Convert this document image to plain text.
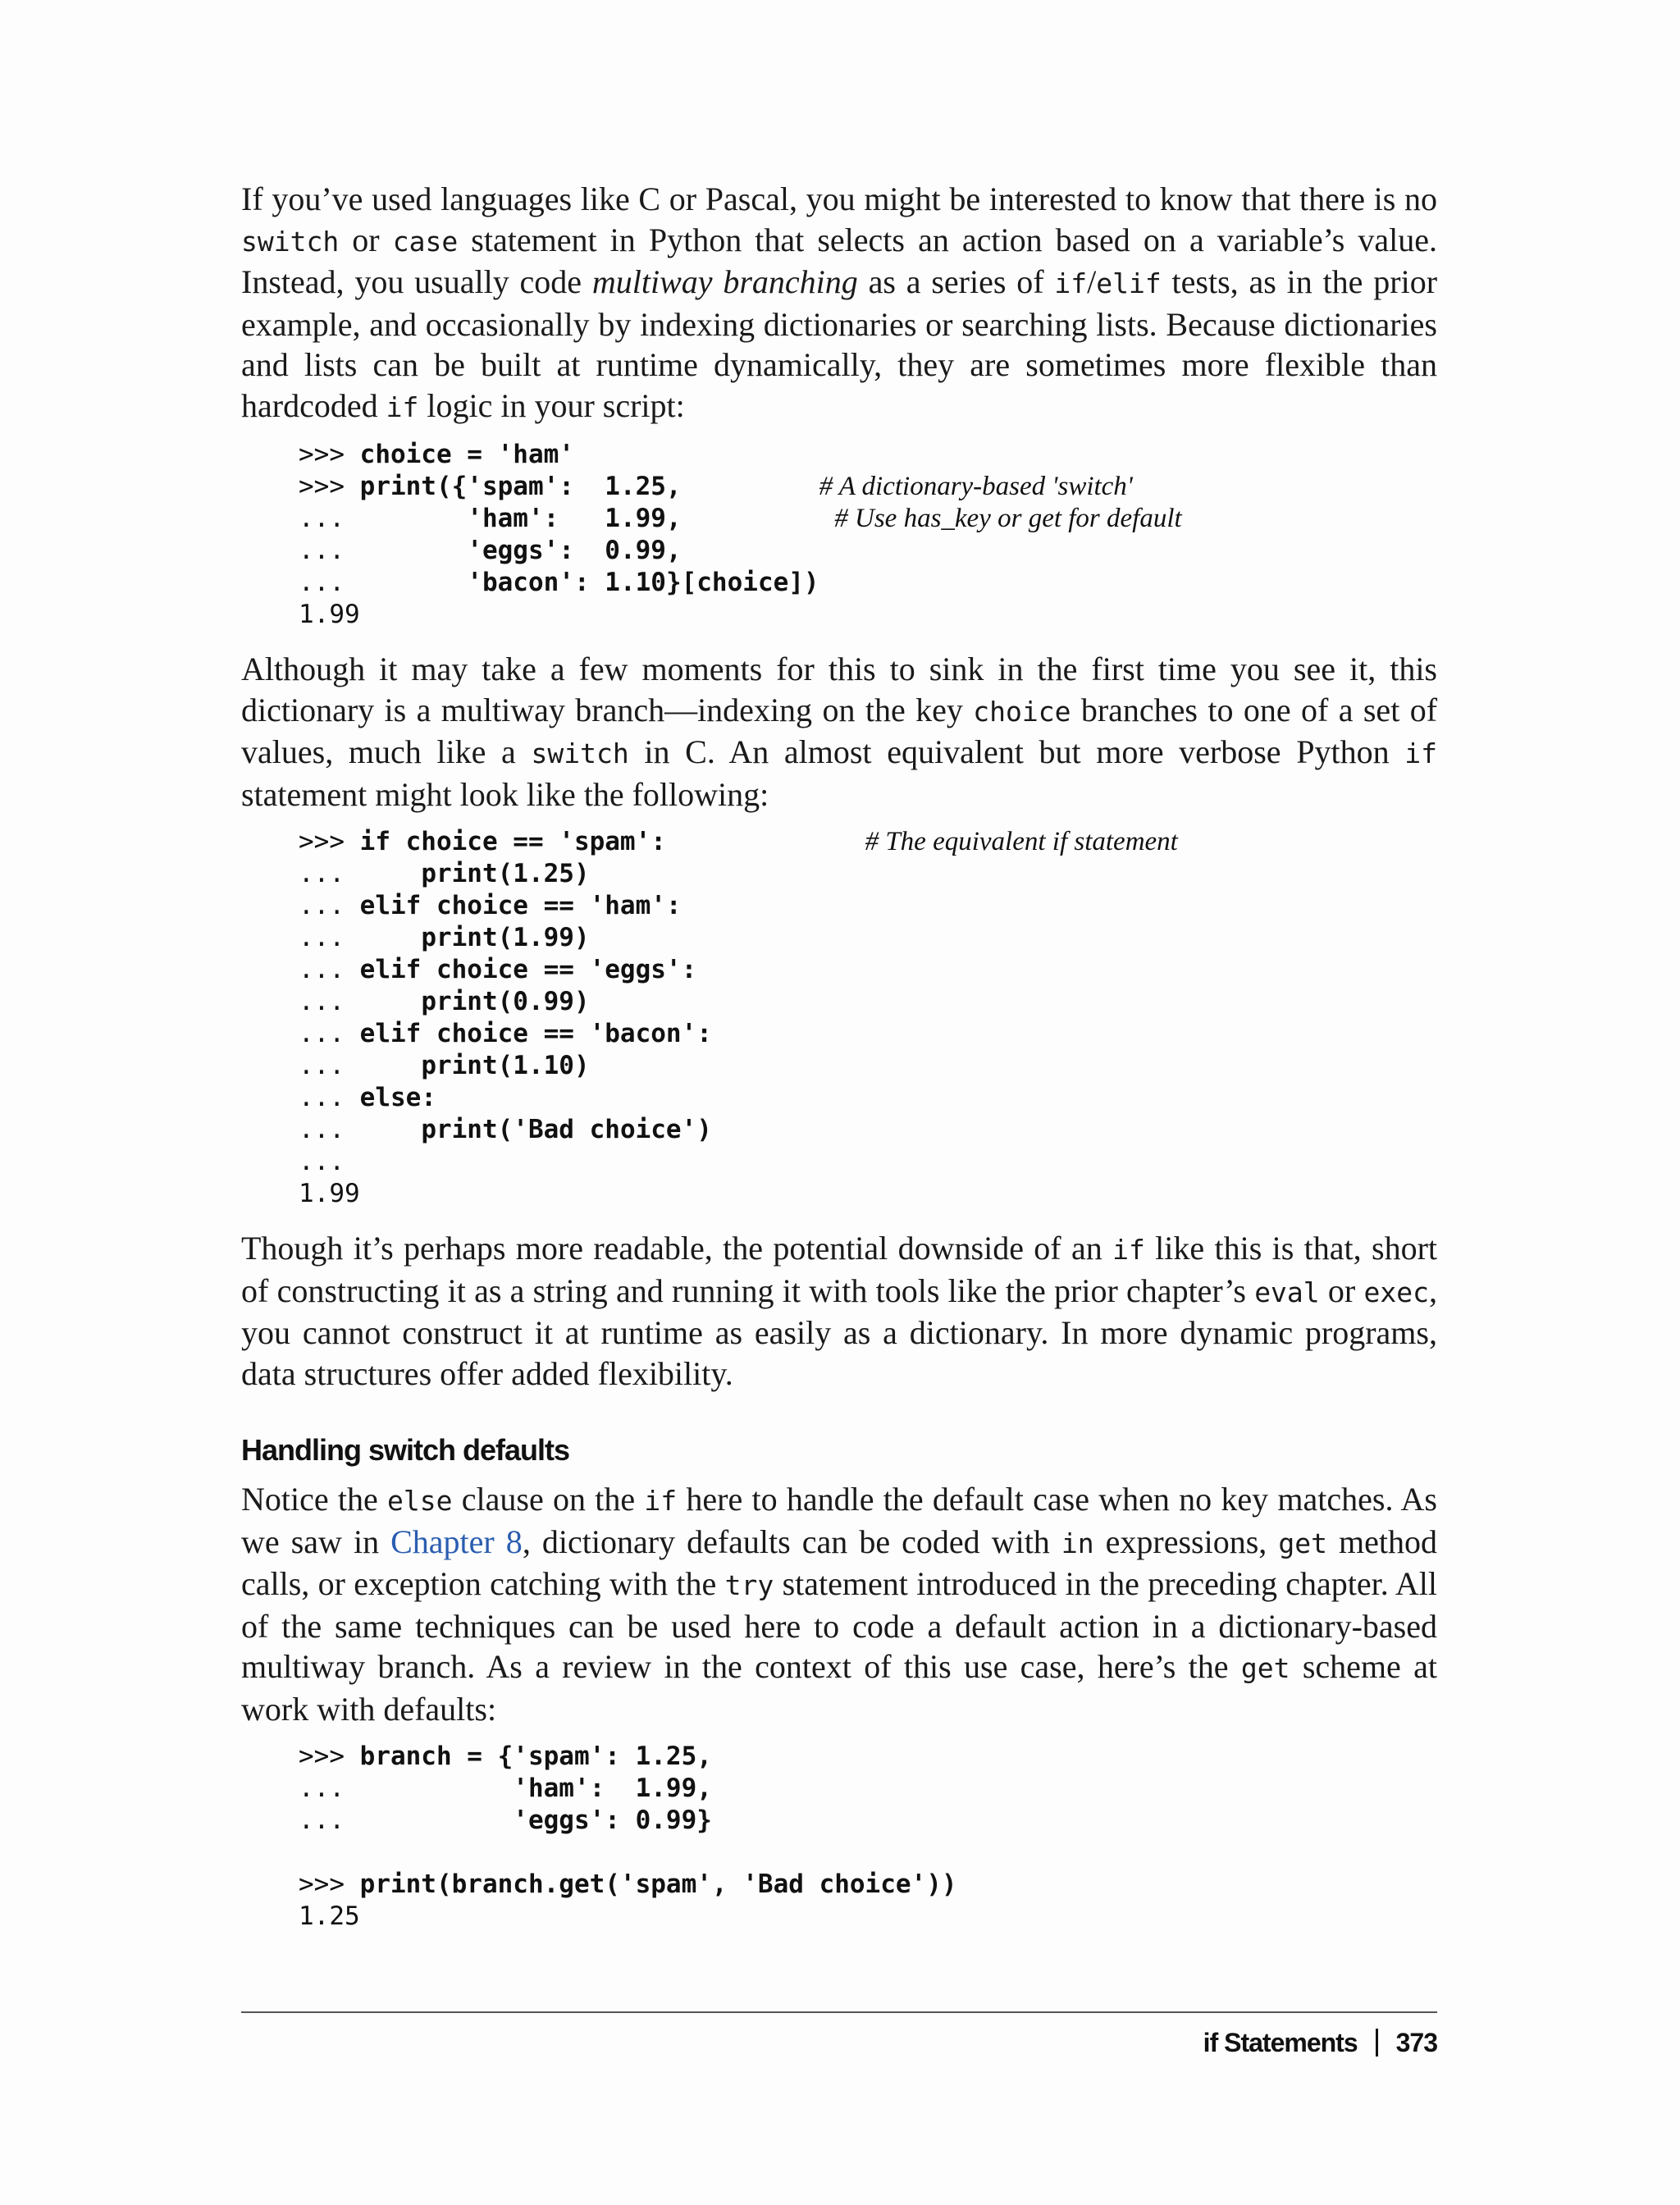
If you’ve used languages like C or Pascal, you might be interested to know that there is no switch or case statement in Python that selects an action based on a variable’s value. Instead, you usually code multiway branching as a series of if/elif tests, as in the prior example, and occasionally by indexing dictionaries or searching lists. Because dictionaries and lists can be built at runtime dynamically, they are sometimes more flexible than hardcoded if logic in your script:

>>> choice = 'ham'
>>> print({'spam':  1.25,	# A dictionary-based 'switch'
...        'ham':   1.99,	# Use has_key or get for default
...        'eggs':  0.99,
...        'bacon': 1.10}[choice])
1.99

Although it may take a few moments for this to sink in the first time you see it, this dictionary is a multiway branch—indexing on the key choice branches to one of a set of values, much like a switch in C. An almost equivalent but more verbose Python if statement might look like the following:

>>> if choice == 'spam':	# The equivalent if statement
...     print(1.25)
... elif choice == 'ham':
...     print(1.99)
... elif choice == 'eggs':
...     print(0.99)
... elif choice == 'bacon':
...     print(1.10)
... else:
...     print('Bad choice')
...
1.99

Though it’s perhaps more readable, the potential downside of an if like this is that, short of constructing it as a string and running it with tools like the prior chapter’s eval or exec, you cannot construct it at runtime as easily as a dictionary. In more dynamic programs, data structures offer added flexibility.

Handling switch defaults

Notice the else clause on the if here to handle the default case when no key matches. As we saw in Chapter 8, dictionary defaults can be coded with in expressions, get method calls, or exception catching with the try statement introduced in the preceding chapter. All of the same techniques can be used here to code a default action in a dictionary-based multiway branch. As a review in the context of this use case, here’s the get scheme at work with defaults:

>>> branch = {'spam': 1.25,
...           'ham':  1.99,
...           'eggs': 0.99}

>>> print(branch.get('spam', 'Bad choice'))
1.25
if Statements 373
